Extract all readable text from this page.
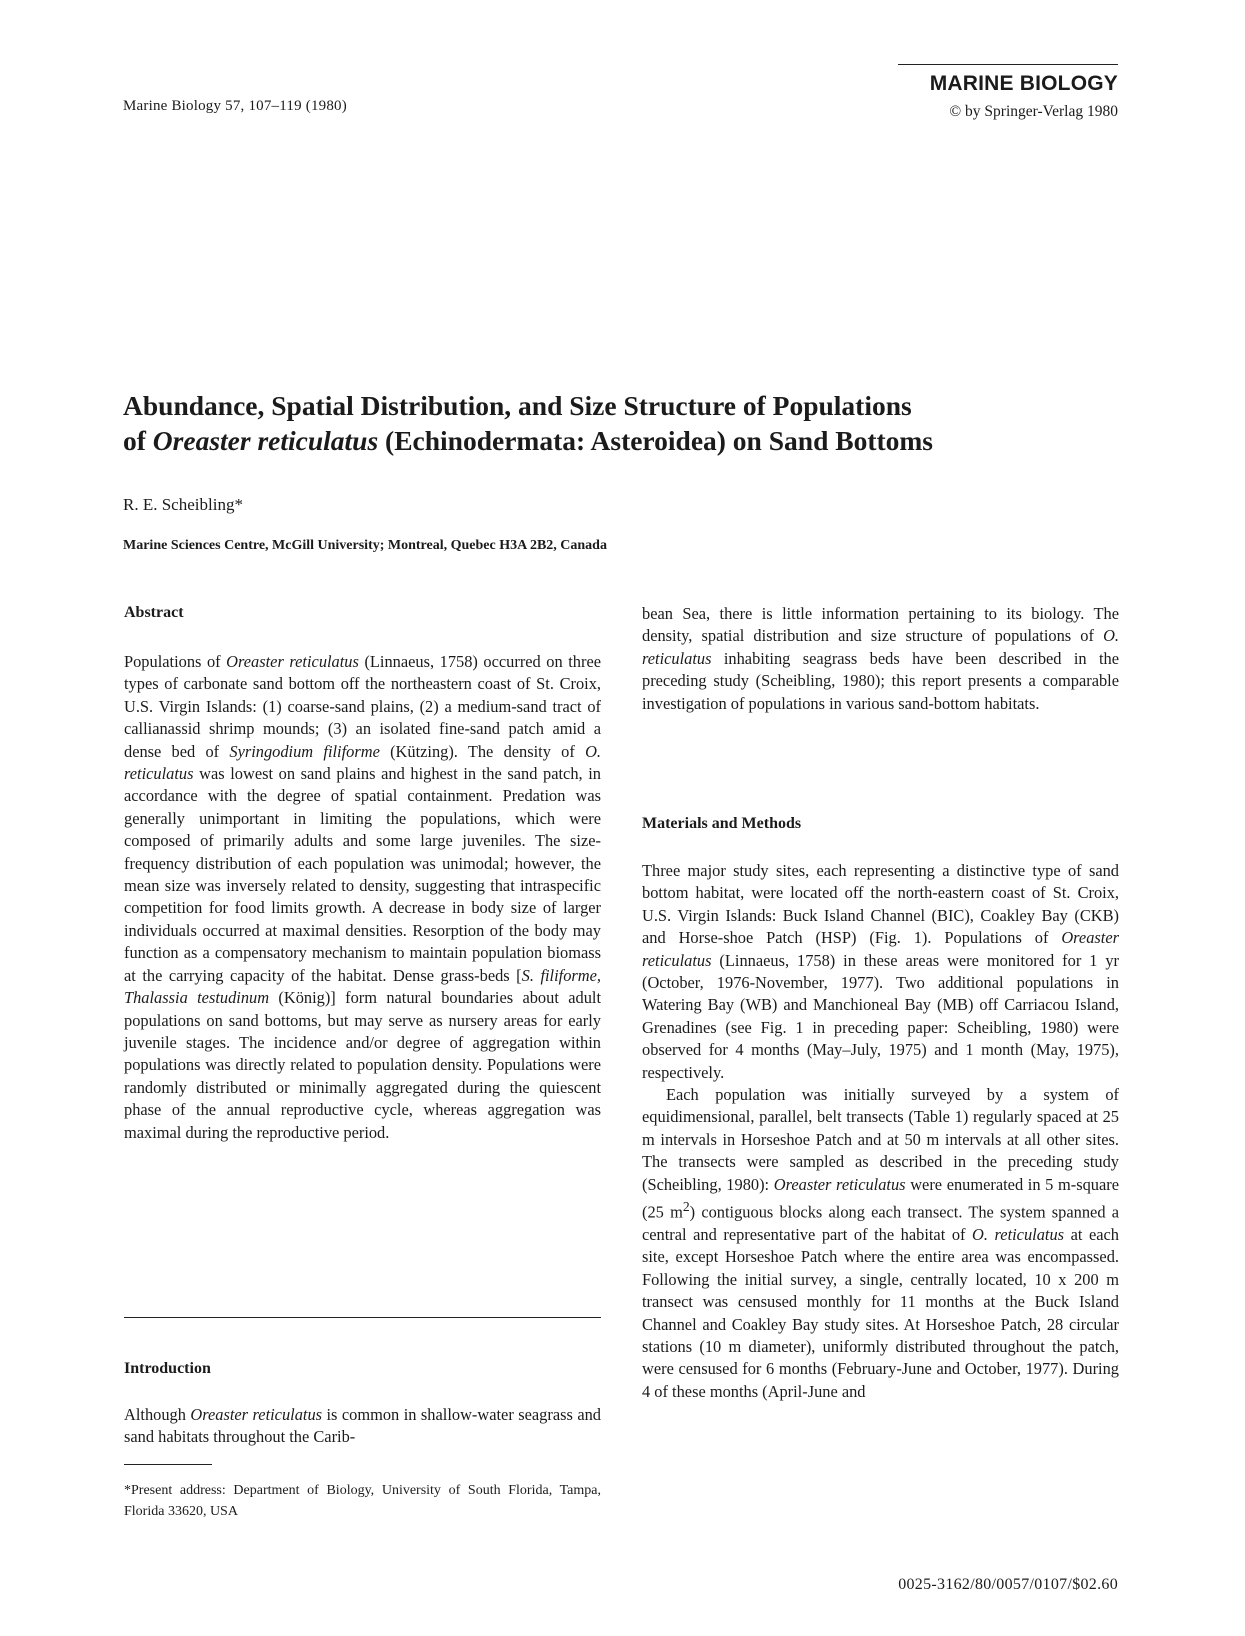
Marine Biology 57, 107–119 (1980)
MARINE BIOLOGY
© by Springer-Verlag 1980
Abundance, Spatial Distribution, and Size Structure of Populations
of Oreaster reticulatus (Echinodermata: Asteroidea) on Sand Bottoms
R. E. Scheibling*
Marine Sciences Centre, McGill University; Montreal, Quebec H3A 2B2, Canada
Abstract

Populations of Oreaster reticulatus (Linnaeus, 1758) occurred on three types of carbonate sand bottom off the northeastern coast of St. Croix, U.S. Virgin Islands: (1) coarse-sand plains, (2) a medium-sand tract of callianassid shrimp mounds; (3) an isolated fine-sand patch amid a dense bed of Syringodium filiforme (Kützing). The density of O. reticulatus was lowest on sand plains and highest in the sand patch, in accordance with the degree of spatial containment. Predation was generally unimportant in limiting the populations, which were composed of primarily adults and some large juveniles. The size-frequency distribution of each population was unimodal; however, the mean size was inversely related to density, suggesting that intraspecific competition for food limits growth. A decrease in body size of larger individuals occurred at maximal densities. Resorption of the body may function as a compensatory mechanism to maintain population biomass at the carrying capacity of the habitat. Dense grass-beds [S. filiforme, Thalassia testudinum (König)] form natural boundaries about adult populations on sand bottoms, but may serve as nursery areas for early juvenile stages. The incidence and/or degree of aggregation within populations was directly related to population density. Populations were randomly distributed or minimally aggregated during the quiescent phase of the annual reproductive cycle, whereas aggregation was maximal during the reproductive period.

Introduction

Although Oreaster reticulatus is common in shallow-water seagrass and sand habitats throughout the Carib-

*Present address: Department of Biology, University of South Florida, Tampa, Florida 33620, USA

bean Sea, there is little information pertaining to its biology. The density, spatial distribution and size structure of populations of O. reticulatus inhabiting seagrass beds have been described in the preceding study (Scheibling, 1980); this report presents a comparable investigation of populations in various sand-bottom habitats.

Materials and Methods

Three major study sites, each representing a distinctive type of sand bottom habitat, were located off the north-eastern coast of St. Croix, U.S. Virgin Islands: Buck Island Channel (BIC), Coakley Bay (CKB) and Horse-shoe Patch (HSP) (Fig. 1). Populations of Oreaster reticulatus (Linnaeus, 1758) in these areas were monitored for 1 yr (October, 1976-November, 1977). Two additional populations in Watering Bay (WB) and Manchioneal Bay (MB) off Carriacou Island, Grenadines (see Fig. 1 in preceding paper: Scheibling, 1980) were observed for 4 months (May–July, 1975) and 1 month (May, 1975), respectively.

Each population was initially surveyed by a system of equidimensional, parallel, belt transects (Table 1) regularly spaced at 25 m intervals in Horseshoe Patch and at 50 m intervals at all other sites. The transects were sampled as described in the preceding study (Scheibling, 1980): Oreaster reticulatus were enumerated in 5 m-square (25 $m^2$) contiguous blocks along each transect. The system spanned a central and representative part of the habitat of O. reticulatus at each site, except Horseshoe Patch where the entire area was encompassed. Following the initial survey, a single, centrally located, 10 x 200 m transect was censused monthly for 11 months at the Buck Island Channel and Coakley Bay study sites. At Horseshoe Patch, 28 circular stations (10 m diameter), uniformly distributed throughout the patch, were censused for 6 months (February-June and October, 1977). During 4 of these months (April-June and

0025-3162/80/0057/0107/$02.60
